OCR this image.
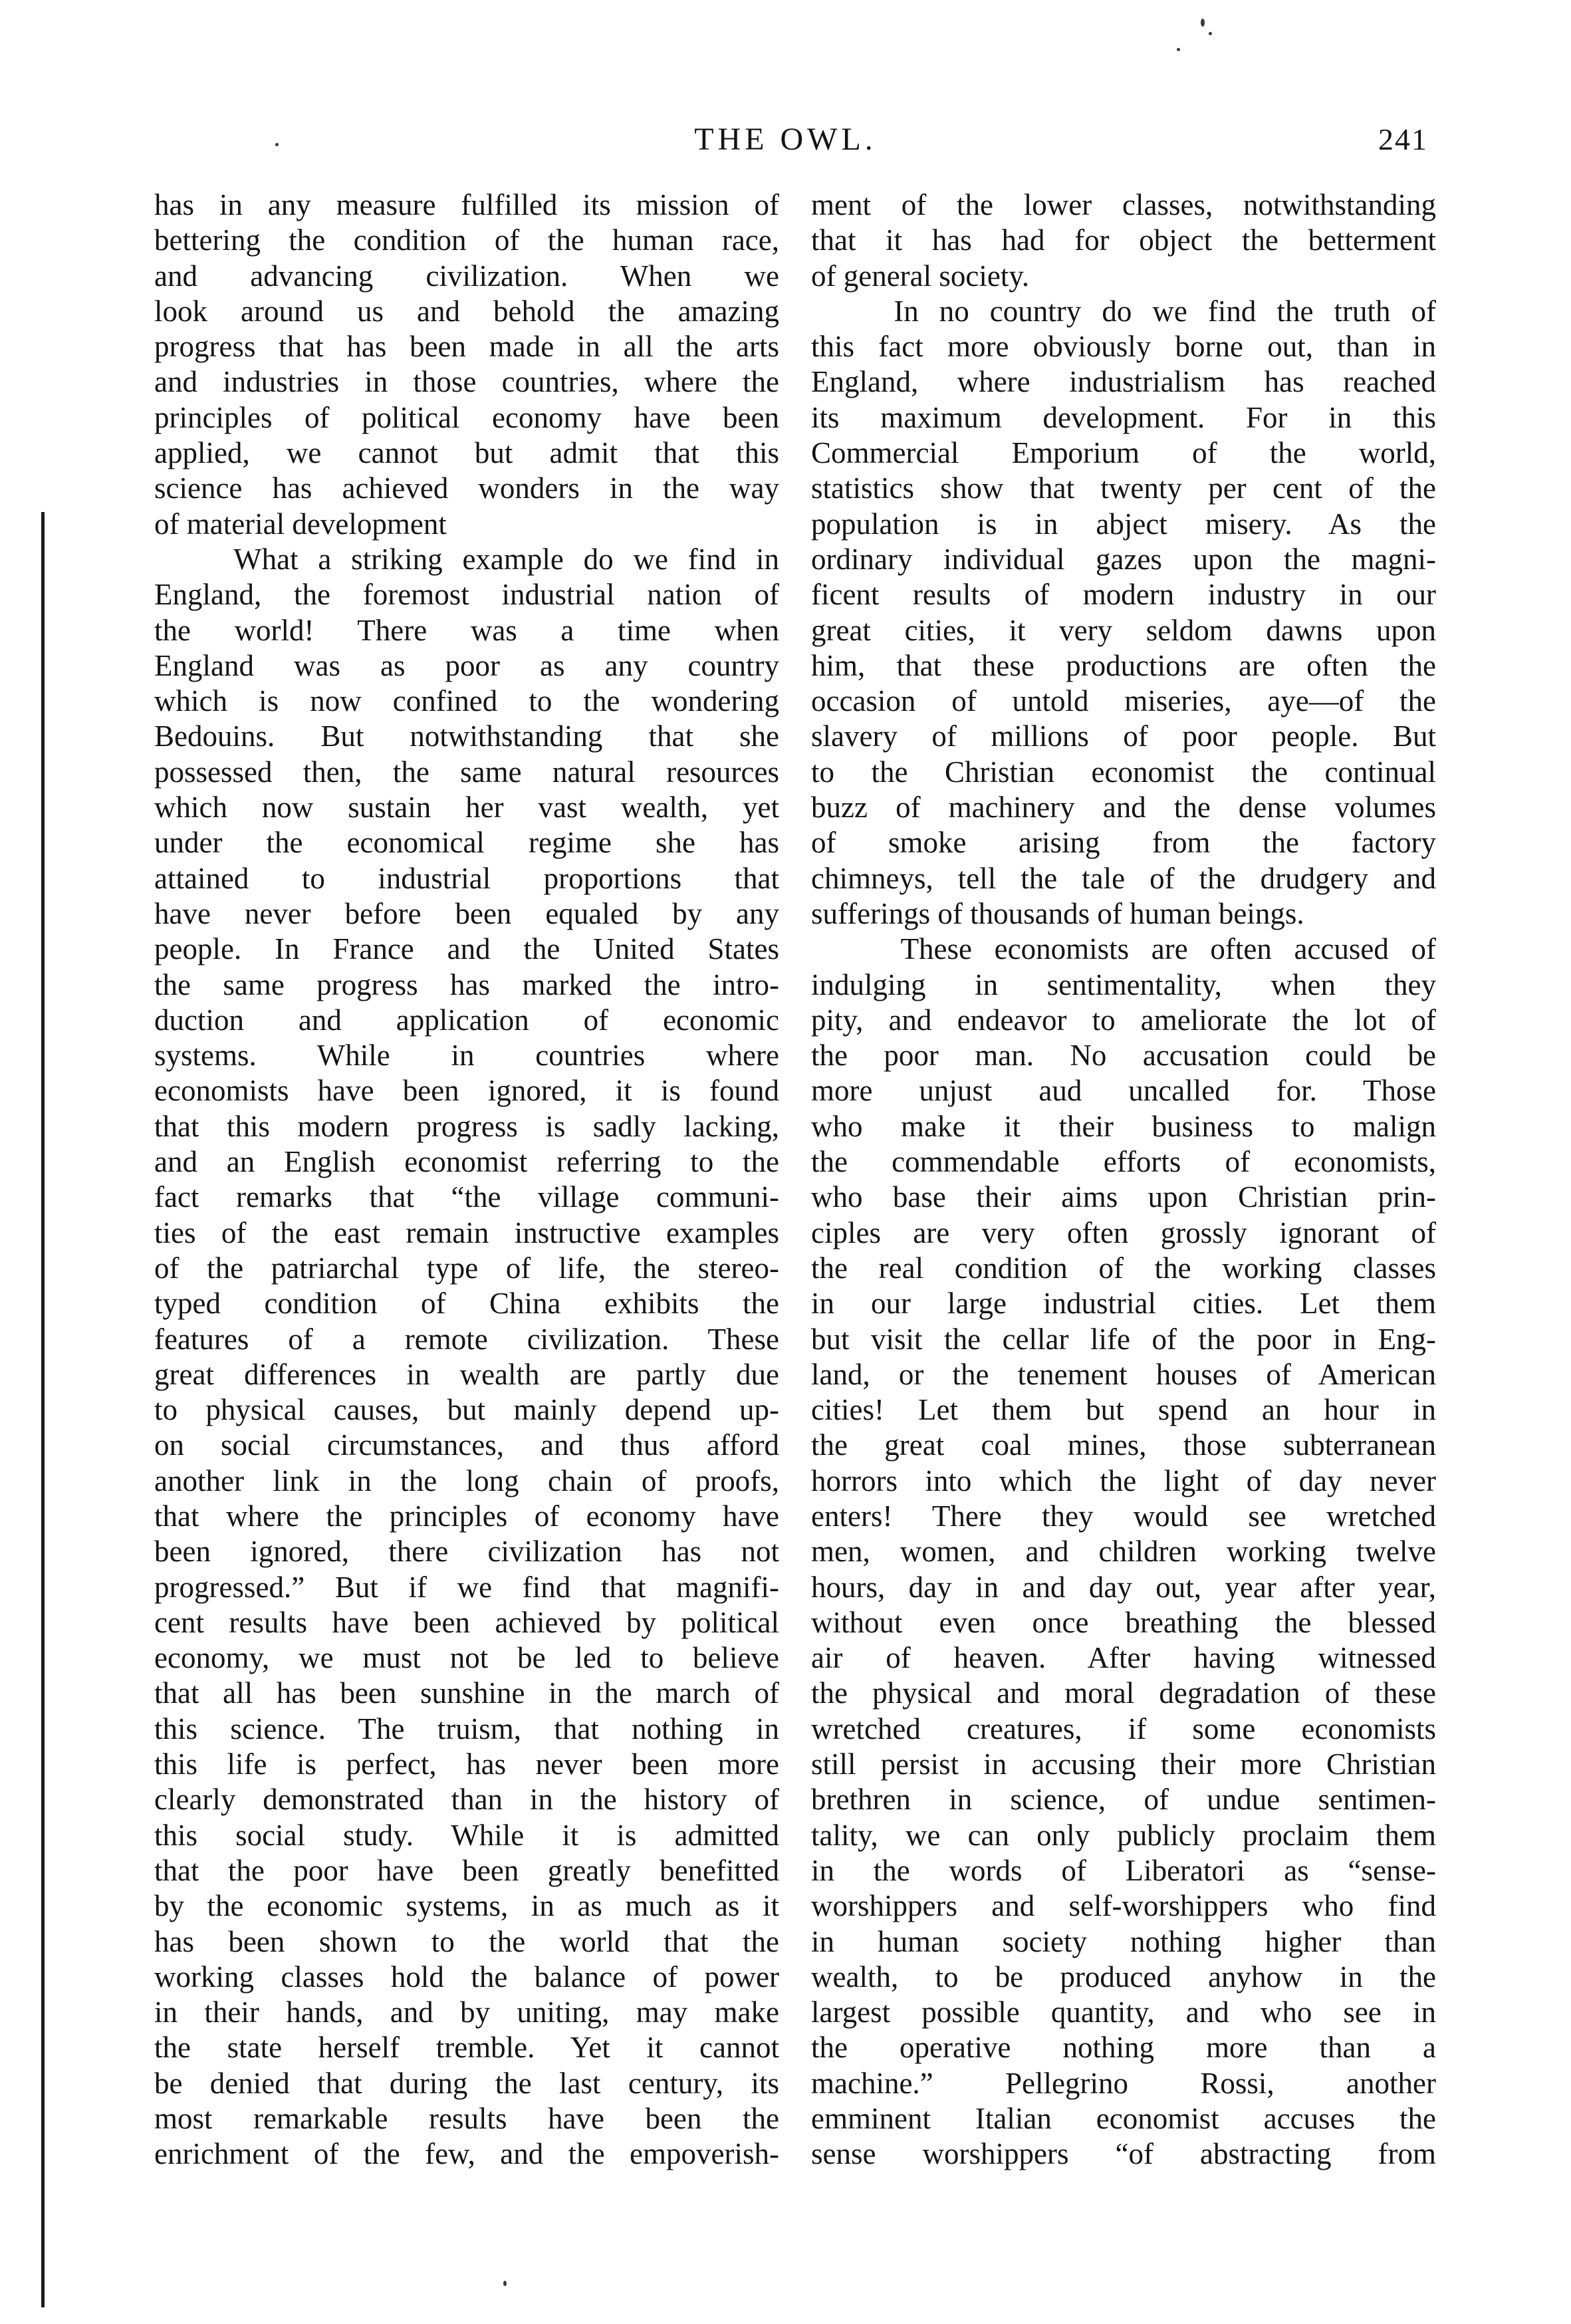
THE OWL.	241
has in any measure fulfilled its mission of
bettering the condition of the human race,
and advancing civilization. When we
look around us and behold the amazing
progress that has been made in all the arts
and industries in those countries, where the
principles of political economy have been
applied, we cannot but admit that this
science has achieved wonders in the way
of material development
What a striking example do we find in
England, the foremost industrial nation of
the world! There was a time when
England was as poor as any country
which is now confined to the wondering
Bedouins. But notwithstanding that she
possessed then, the same natural resources
which now sustain her vast wealth, yet
under the economical regime she has
attained to industrial proportions that
have never before been equaled by any
people. In France and the United States
the same progress has marked the intro-
duction and application of economic
systems. While in countries where
economists have been ignored, it is found
that this modern progress is sadly lacking,
and an English economist referring to the
fact remarks that “the village communi-
ties of the east remain instructive examples
of the patriarchal type of life, the stereo-
typed condition of China exhibits the
features of a remote civilization. These
great differences in wealth are partly due
to physical causes, but mainly depend up-
on social circumstances, and thus afford
another link in the long chain of proofs,
that where the principles of economy have
been ignored, there civilization has not
progressed.” But if we find that magnifi-
cent results have been achieved by political
economy, we must not be led to believe
that all has been sunshine in the march of
this science. The truism, that nothing in
this life is perfect, has never been more
clearly demonstrated than in the history of
this social study. While it is admitted
that the poor have been greatly benefitted
by the economic systems, in as much as it
has been shown to the world that the
working classes hold the balance of power
in their hands, and by uniting, may make
the state herself tremble. Yet it cannot
be denied that during the last century, its
most remarkable results have been the
enrichment of the few, and the empoverish-
ment of the lower classes, notwithstanding
that it has had for object the betterment
of general society.
In no country do we find the truth of
this fact more obviously borne out, than in
England, where industrialism has reached
its maximum development. For in this
Commercial Emporium of the world,
statistics show that twenty per cent of the
population is in abject misery. As the
ordinary individual gazes upon the magni-
ficent results of modern industry in our
great cities, it very seldom dawns upon
him, that these productions are often the
occasion of untold miseries, aye—of the
slavery of millions of poor people. But
to the Christian economist the continual
buzz of machinery and the dense volumes
of smoke arising from the factory
chimneys, tell the tale of the drudgery and
sufferings of thousands of human beings.
These economists are often accused of
indulging in sentimentality, when they
pity, and endeavor to ameliorate the lot of
the poor man. No accusation could be
more unjust aud uncalled for. Those
who make it their business to malign
the commendable efforts of economists,
who base their aims upon Christian prin-
ciples are very often grossly ignorant of
the real condition of the working classes
in our large industrial cities. Let them
but visit the cellar life of the poor in Eng-
land, or the tenement houses of American
cities! Let them but spend an hour in
the great coal mines, those subterranean
horrors into which the light of day never
enters! There they would see wretched
men, women, and children working twelve
hours, day in and day out, year after year,
without even once breathing the blessed
air of heaven. After having witnessed
the physical and moral degradation of these
wretched creatures, if some economists
still persist in accusing their more Christian
brethren in science, of undue sentimen-
tality, we can only publicly proclaim them
in the words of Liberatori as “sense-
worshippers and self-worshippers who find
in human society nothing higher than
wealth, to be produced anyhow in the
largest possible quantity, and who see in
the operative nothing more than a
machine.” Pellegrino Rossi, another
emminent Italian economist accuses the
sense worshippers “of abstracting from
